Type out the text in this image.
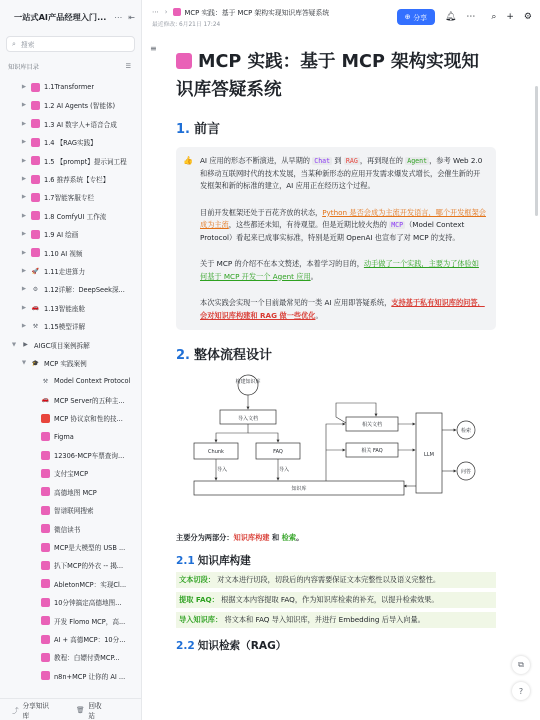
一站式AI产品经理入门... ⋯ ⇤
⌕ 搜索
知识库目录	☰
▶	1.1Transformer
▶	1.2 AI Agents (智能体)
▶	1.3 AI 数字人+语音合成
▶	1.4 【RAG实践】
▶	1.5 【prompt】提示词工程
▶	1.6 推荐系统【专栏】
▶	1.7智能客服专栏
▶	1.8 ComfyUI 工作流
▶	1.9 AI 绘画
▶	1.10 AI 视频
▶ 🚀 1.11走进算力
▶	⚙ 1.12详解：DeepSeek深...
▶ 🚗 1.13智能座舱
▶	⚒ 1.15模型详解
▼	▶ AIGC项目案例拆解
▼ 🎓 MCP 实践案例
⚒ Model Context Protocol
🚗 MCP Server的五种主...
MCP 协议京和性的技...
Figma
12306-MCP车票查询...
支付宝MCP
高德地图 MCP
智谱联网搜索
微信读书
MCP是大模型的 USB ...
扒下MCP的外衣 -- 揭...
AbletonMCP：实现Cl...
10分钟搞定高德地图...
开发 Flomo MCP，高...
AI + 高德MCP：10分...
教程：白嫖付费MCP...
n8n+MCP 让你的 AI ...
⤴
分享知识库
🗑 回收站
⋯ ›	MCP 实践：基于 MCP 架构实现知识库答疑系统
最近修改: 6月21日 17:24
⊕ 分享 🔔︎ ⋯ ⌕ + ⚙
≡
MCP 实践：基于 MCP 架构实现知识库答疑系统
1. 前言
👍 AI 应用的形态不断演进，从早期的 Chat 到 RAG ，再到现在的 Agent ，参考 Web 2.0 和移动互联网时代的技术发展，当某种新形态的应用开发需求爆发式增长，会催生新的开发框架和新的标准的建立，AI 应用正在经历这个过程。

目前开发框架还处于百花齐放的状态，Python 是否会成为主流开发语言，哪个开发框架会成为主流，这些都还未知，有待观望。但是近期比较火热的 MCP （Model Context Protocol）看起来已成事实标准，特别是近期 OpenAI 也宣布了对 MCP 的支持。

关于 MCP 的介绍不在本文赘述，本着学习的目的，动手做了一个实践，主要为了体验如何基于 MCP 开发一个 Agent 应用。

本次实践会实现一个目前最常见的一类 AI 应用即答疑系统，支持基于私有知识库的问答，会对知识库构建和 RAG 做一些优化。

2. 整体流程设计
构建知识库
导入文档
Chunk	FAQ
知识库
相关文档
相关 FAQ
LLM
检索
问答
导入	导入
主要分为两部分：知识库构建 和 检索。
2.1 知识库构建
文本切段： 对文本进行切段，切段后的内容需要保证文本完整性以及语义完整性。
提取 FAQ： 根据文本内容提取 FAQ，作为知识库检索的补充，以提升检索效果。
导入知识库： 将文本和 FAQ 导入知识库，并进行 Embedding 后导入向量。
2.2 知识检索（RAG）
⧉
?
